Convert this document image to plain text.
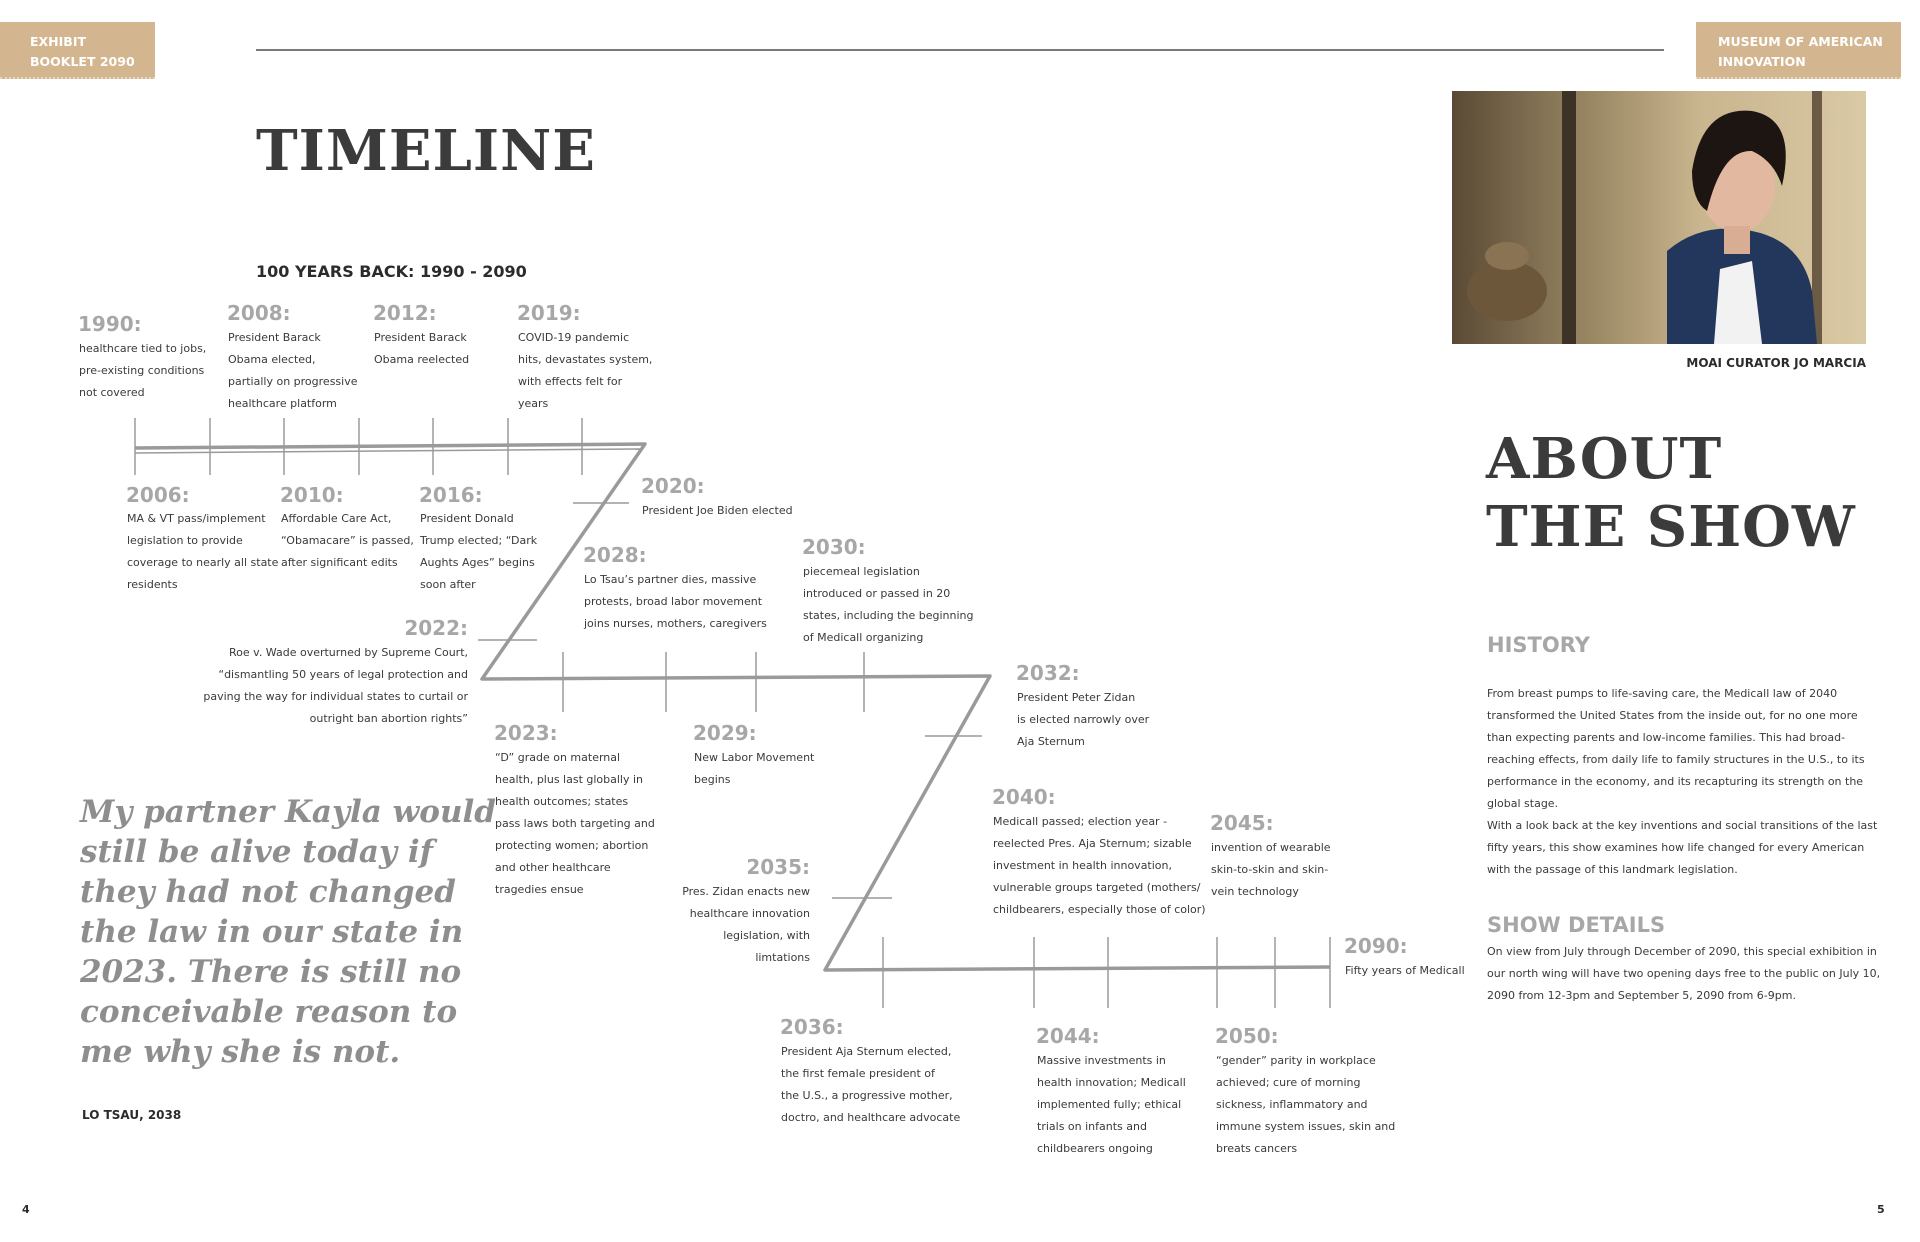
EXHIBIT
BOOKLET 2090
MUSEUM OF AMERICAN
INNOVATION
TIMELINE
100 YEARS BACK: 1990 - 2090
1990:
healthcare tied to jobs,
pre-existing conditions
not covered
2008:
President Barack
Obama elected,
partially on progressive
healthcare platform
2012:
President Barack
Obama reelected
2019:
COVID-19 pandemic
hits, devastates system,
with effects felt for
years
2006:
MA & VT pass/implement
legislation to provide
coverage to nearly all state
residents
2010:
Affordable Care Act,
“Obamacare” is passed,
after significant edits
2016:
President Donald
Trump elected; “Dark
Aughts Ages” begins
soon after
2020:
President Joe Biden elected
2028:
Lo Tsau’s partner dies, massive
protests, broad labor movement
joins nurses, mothers, caregivers
2030:
piecemeal legislation
introduced or passed in 20
states, including the beginning
of Medicall organizing
2022:
Roe v. Wade overturned by Supreme Court,
“dismantling 50 years of legal protection and
paving the way for individual states to curtail or
outright ban abortion rights”
2023:
“D” grade on maternal
health, plus last globally in
health outcomes; states
pass laws both targeting and
protecting women; abortion
and other healthcare
tragedies ensue
2029:
New Labor Movement
begins
2032:
President Peter Zidan
is elected narrowly over
Aja Sternum
2040:
Medicall passed; election year -
reelected Pres. Aja Sternum; sizable
investment in health innovation,
vulnerable groups targeted (mothers/
childbearers, especially those of color)
2045:
invention of wearable
skin-to-skin and skin-
vein technology
2035:
Pres. Zidan enacts new
healthcare innovation
legislation, with
limtations	2090:
Fifty years of Medicall
2036:
President Aja Sternum elected,
the first female president of
the U.S., a progressive mother,
doctro, and healthcare advocate
2044:
Massive investments in
health innovation; Medicall
implemented fully; ethical
trials on infants and
childbearers ongoing
2050:
“gender” parity in workplace
achieved; cure of morning
sickness, inflammatory and
immune system issues, skin and
breats cancers

My partner Kayla would still be alive today if they had not changed the law in our state in 2023. There is still no conceivable reason to me why she is not.

LO TSAU, 2038
MOAI CURATOR JO MARCIA
ABOUT
THE SHOW
HISTORY
From breast pumps to life-saving care, the Medicall law of 2040 transformed the United States from the inside out, for no one more than expecting parents and low-income families. This had broad-reaching effects, from daily life to family structures in the U.S., to its performance in the economy, and its recapturing its strength on the global stage.
With a look back at the key inventions and social transitions of the last fifty years, this show examines how life changed for every American with the passage of this landmark legislation.
SHOW DETAILS
On view from July through December of 2090, this special exhibition in our north wing will have two opening days free to the public on July 10, 2090 from 12-3pm and September 5, 2090 from 6-9pm.
4	5
